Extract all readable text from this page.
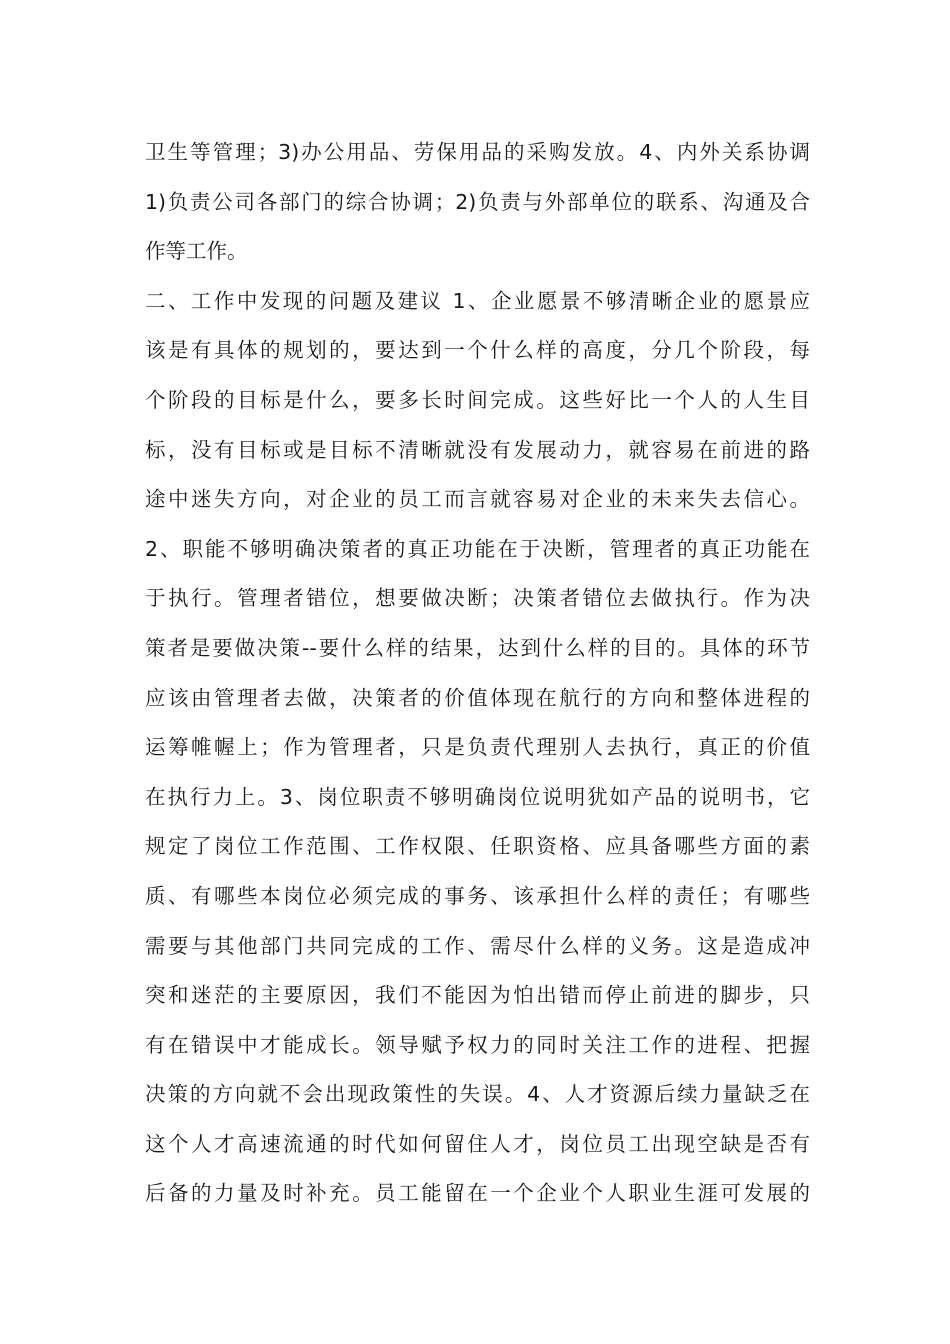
卫生等管理；3)办公用品、劳保用品的采购发放。4、内外关系协调
1)负责公司各部门的综合协调；2)负责与外部单位的联系、沟通及合
作等工作。
二、工作中发现的问题及建议 1、企业愿景不够清晰企业的愿景应
该是有具体的规划的，要达到一个什么样的高度，分几个阶段，每
个阶段的目标是什么，要多长时间完成。这些好比一个人的人生目
标，没有目标或是目标不清晰就没有发展动力，就容易在前进的路
途中迷失方向，对企业的员工而言就容易对企业的未来失去信心。
2、职能不够明确决策者的真正功能在于决断，管理者的真正功能在
于执行。管理者错位，想要做决断；决策者错位去做执行。作为决
策者是要做决策--要什么样的结果，达到什么样的目的。具体的环节
应该由管理者去做，决策者的价值体现在航行的方向和整体进程的
运筹帷幄上；作为管理者，只是负责代理别人去执行，真正的价值
在执行力上。3、岗位职责不够明确岗位说明犹如产品的说明书，它
规定了岗位工作范围、工作权限、任职资格、应具备哪些方面的素
质、有哪些本岗位必须完成的事务、该承担什么样的责任；有哪些
需要与其他部门共同完成的工作、需尽什么样的义务。这是造成冲
突和迷茫的主要原因，我们不能因为怕出错而停止前进的脚步，只
有在错误中才能成长。领导赋予权力的同时关注工作的进程、把握
决策的方向就不会出现政策性的失误。4、人才资源后续力量缺乏在
这个人才高速流通的时代如何留住人才，岗位员工出现空缺是否有
后备的力量及时补充。员工能留在一个企业个人职业生涯可发展的
